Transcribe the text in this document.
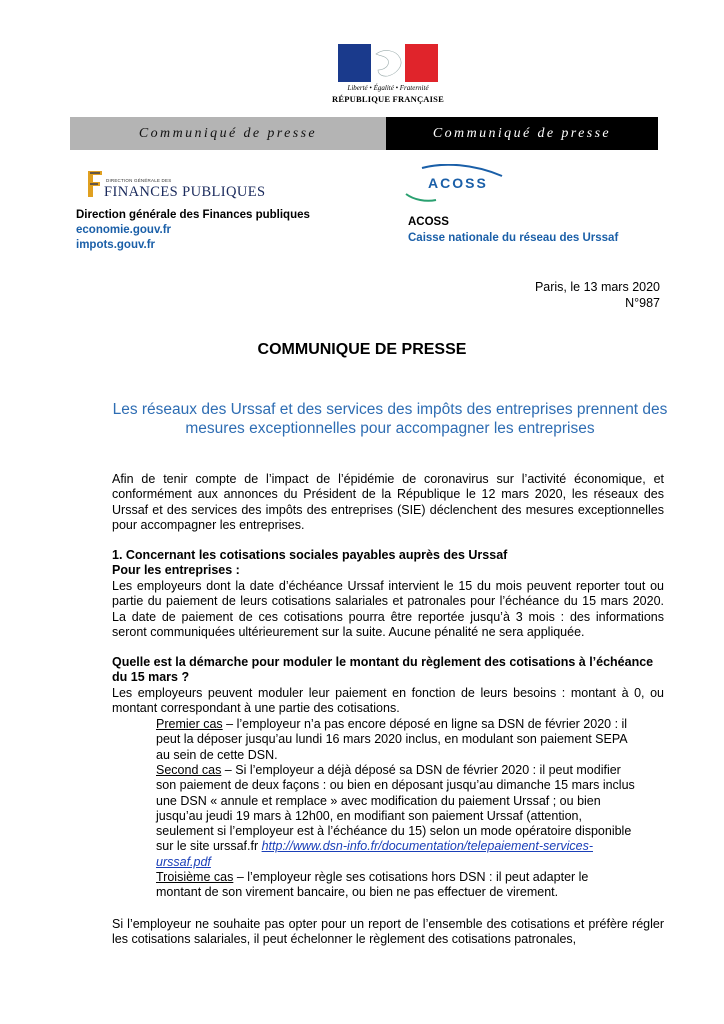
Liberté • Égalité • Fraternité
RÉPUBLIQUE FRANÇAISE
Communiqué de presse	Communiqué de presse
DIRECTION GÉNÉRALE DES
FINANCES PUBLIQUES
Direction générale des Finances publiques
economie.gouv.fr
impots.gouv.fr
ACOSS
ACOSS
Caisse nationale du réseau des Urssaf
Paris, le 13 mars 2020
N°987
COMMUNIQUE DE PRESSE
Les réseaux des Urssaf et des services des impôts des entreprises prennent des mesures exceptionnelles pour accompagner les entreprises
Afin de tenir compte de l’impact de l’épidémie de coronavirus sur l’activité économique, et conformément aux annonces du Président de la République le 12 mars 2020, les réseaux des Urssaf et des services des impôts des entreprises (SIE) déclenchent des mesures exceptionnelles pour accompagner les entreprises.
1. Concernant les cotisations sociales payables auprès des Urssaf
Pour les entreprises :
Les employeurs dont la date d’échéance Urssaf intervient le 15 du mois peuvent reporter tout ou partie du paiement de leurs cotisations salariales et patronales pour l’échéance du 15 mars 2020. La date de paiement de ces cotisations pourra être reportée jusqu’à 3 mois : des informations seront communiquées ultérieurement sur la suite. Aucune pénalité ne sera appliquée.
Quelle est la démarche pour moduler le montant du règlement des cotisations à l’échéance du 15 mars ?
Les employeurs peuvent moduler leur paiement en fonction de leurs besoins : montant à 0, ou montant correspondant à une partie des cotisations.
Premier cas – l’employeur n’a pas encore déposé en ligne sa DSN de février 2020 : il peut la déposer jusqu’au lundi 16 mars 2020 inclus, en modulant son paiement SEPA au sein de cette DSN.
Second cas – Si l’employeur a déjà déposé sa DSN de février 2020 : il peut modifier son paiement de deux façons : ou bien en déposant jusqu’au dimanche 15 mars inclus une DSN « annule et remplace » avec modification du paiement Urssaf ; ou bien jusqu’au jeudi 19 mars à 12h00, en modifiant son paiement Urssaf (attention, seulement si l’employeur est à l’échéance du 15) selon un mode opératoire disponible sur le site urssaf.fr http://www.dsn-info.fr/documentation/telepaiement-services-urssaf.pdf
Troisième cas – l’employeur règle ses cotisations hors DSN : il peut adapter le montant de son virement bancaire, ou bien ne pas effectuer de virement.
Si l’employeur ne souhaite pas opter pour un report de l’ensemble des cotisations et préfère régler les cotisations salariales, il peut échelonner le règlement des cotisations patronales,
